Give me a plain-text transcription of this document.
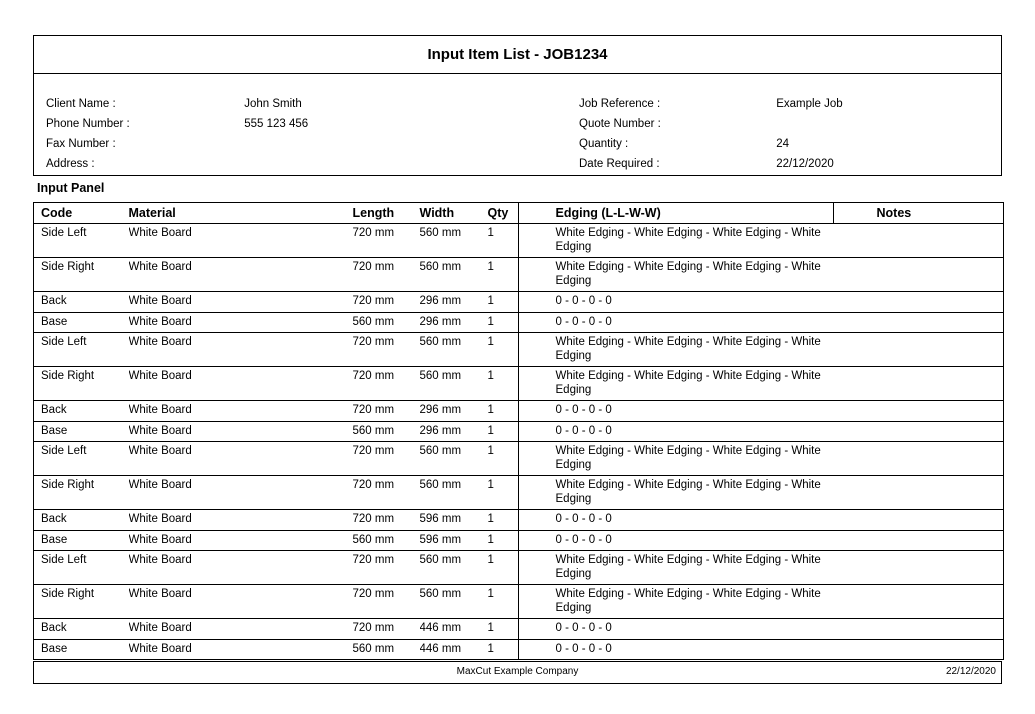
Input Item List - JOB1234
Client Name :	John Smith
Phone Number :	555 123 456
Fax Number :
Address :
Job Reference :	Example Job
Quote Number :
Quantity :	24
Date Required :	22/12/2020
Input Panel
Code	Material	Length	Width	Qty	Edging (L-L-W-W)	Notes
Side Left	White Board	720 mm	560 mm	1	White Edging - White Edging - White Edging - White Edging	
Side Right	White Board	720 mm	560 mm	1	White Edging - White Edging - White Edging - White Edging	
Back	White Board	720 mm	296 mm	1	0 - 0 - 0 - 0	
Base	White Board	560 mm	296 mm	1	0 - 0 - 0 - 0	
Side Left	White Board	720 mm	560 mm	1	White Edging - White Edging - White Edging - White Edging	
Side Right	White Board	720 mm	560 mm	1	White Edging - White Edging - White Edging - White Edging	
Back	White Board	720 mm	296 mm	1	0 - 0 - 0 - 0	
Base	White Board	560 mm	296 mm	1	0 - 0 - 0 - 0	
Side Left	White Board	720 mm	560 mm	1	White Edging - White Edging - White Edging - White Edging	
Side Right	White Board	720 mm	560 mm	1	White Edging - White Edging - White Edging - White Edging	
Back	White Board	720 mm	596 mm	1	0 - 0 - 0 - 0	
Base	White Board	560 mm	596 mm	1	0 - 0 - 0 - 0	
Side Left	White Board	720 mm	560 mm	1	White Edging - White Edging - White Edging - White Edging	
Side Right	White Board	720 mm	560 mm	1	White Edging - White Edging - White Edging - White Edging	
Back	White Board	720 mm	446 mm	1	0 - 0 - 0 - 0	
Base	White Board	560 mm	446 mm	1	0 - 0 - 0 - 0	
MaxCut Example Company	22/12/2020
